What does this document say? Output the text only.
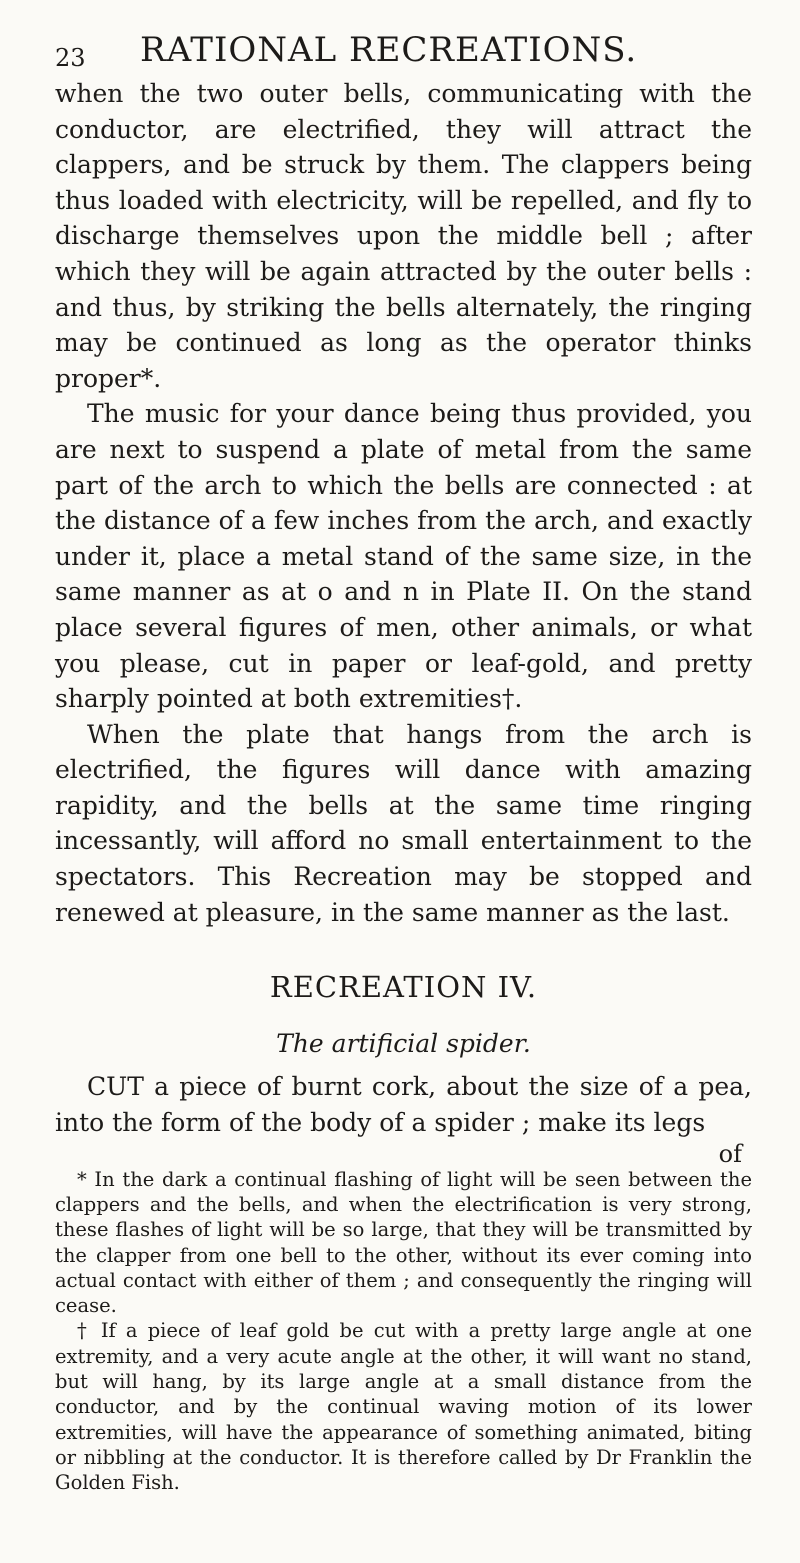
23 RATIONAL RECREATIONS.

when the two outer bells, communicating with the conductor, are electrified, they will attract the clappers, and be struck by them. The clappers being thus loaded with electricity, will be repelled, and fly to discharge themselves upon the middle bell ; after which they will be again attracted by the outer bells : and thus, by striking the bells alternately, the ringing may be continued as long as the operator thinks proper*.

The music for your dance being thus provided, you are next to suspend a plate of metal from the same part of the arch to which the bells are connected : at the distance of a few inches from the arch, and exactly under it, place a metal stand of the same size, in the same manner as at o and n in Plate II. On the stand place several figures of men, other animals, or what you please, cut in paper or leaf-gold, and pretty sharply pointed at both extremities†.

When the plate that hangs from the arch is electrified, the figures will dance with amazing rapidity, and the bells at the same time ringing incessantly, will afford no small entertainment to the spectators. This Recreation may be stopped and renewed at pleasure, in the same manner as the last.

RECREATION IV.
The artificial spider.

CUT a piece of burnt cork, about the size of a pea, into the form of the body of a spider ; make its legs

of

* In the dark a continual flashing of light will be seen between the clappers and the bells, and when the electrification is very strong, these flashes of light will be so large, that they will be transmitted by the clapper from one bell to the other, without its ever coming into actual contact with either of them ; and consequently the ringing will cease.

† If a piece of leaf gold be cut with a pretty large angle at one extremity, and a very acute angle at the other, it will want no stand, but will hang, by its large angle at a small distance from the conductor, and by the continual waving motion of its lower extremities, will have the appearance of something animated, biting or nibbling at the conductor. It is therefore called by Dr Franklin the Golden Fish.
